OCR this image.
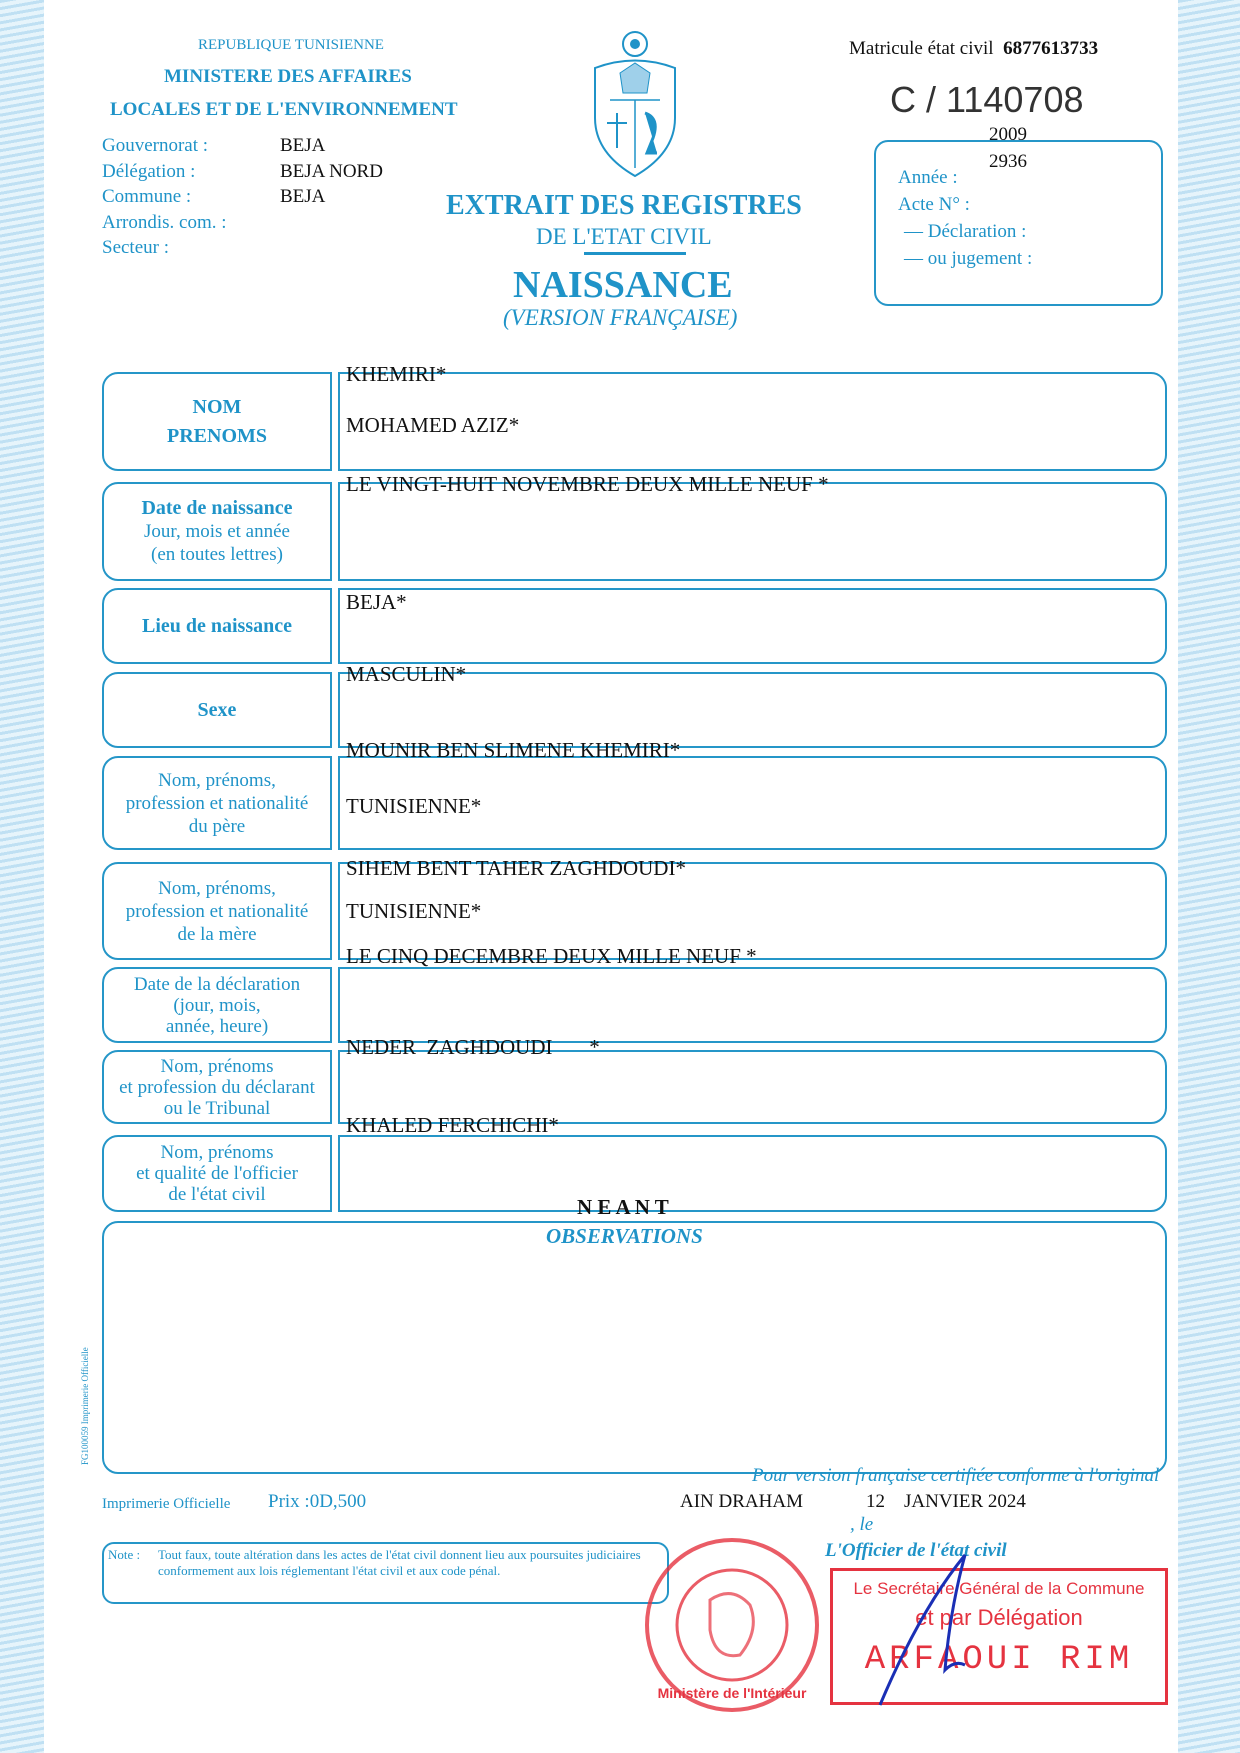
REPUBLIQUE TUNISIENNE
MINISTERE DES AFFAIRES
LOCALES ET DE L'ENVIRONNEMENT
Gouvernorat :
Délégation :
Commune :
Arrondis. com. :
Secteur :
BEJA
BEJA NORD
BEJA	EXTRAIT DES REGISTRES
DE L'ETAT CIVIL
NAISSANCE
(VERSION FRANÇAISE)
Matricule état civil 6877613733
C / 1140708
Année :
Acte N° :
— Déclaration :
— ou jugement :
2009
2936
NOM
PRENOMS
KHEMIRI*
MOHAMED AZIZ*
Date de naissance
Jour, mois et année
(en toutes lettres)
LE VINGT-HUIT NOVEMBRE DEUX MILLE NEUF *
Lieu de naissance
BEJA*
Sexe
MASCULIN*
Nom, prénoms,
profession et nationalité
du père
MOUNIR BEN SLIMENE KHEMIRI*
TUNISIENNE*
Nom, prénoms,
profession et nationalité
de la mère
SIHEM BENT TAHER ZAGHDOUDI*
TUNISIENNE*
Date de la déclaration
(jour, mois,
année, heure)
LE CINQ DECEMBRE DEUX MILLE NEUF *
Nom, prénoms
et profession du déclarant
ou le Tribunal
NEDER  ZAGHDOUDI       *
Nom, prénoms
et qualité de l'officier
de l'état civil
KHALED FERCHICHI*
N E A N T
OBSERVATIONS
FG100059 Imprimerie Officielle
Imprimerie Officielle Prix :0D,500
Pour version française certifiée conforme à l'original
AIN DRAHAM	12    JANVIER 2024
, le
L'Officier de l'état civil
Note : Tout faux, toute altération dans les actes de l'état civil donnent lieu aux poursuites judiciaires conformement aux lois réglementant l'état civil et aux code pénal.
Ministère de l'Intérieur
Le Secrétaire Général de la Commune
et par Délégation
ARFAOUI RIM
